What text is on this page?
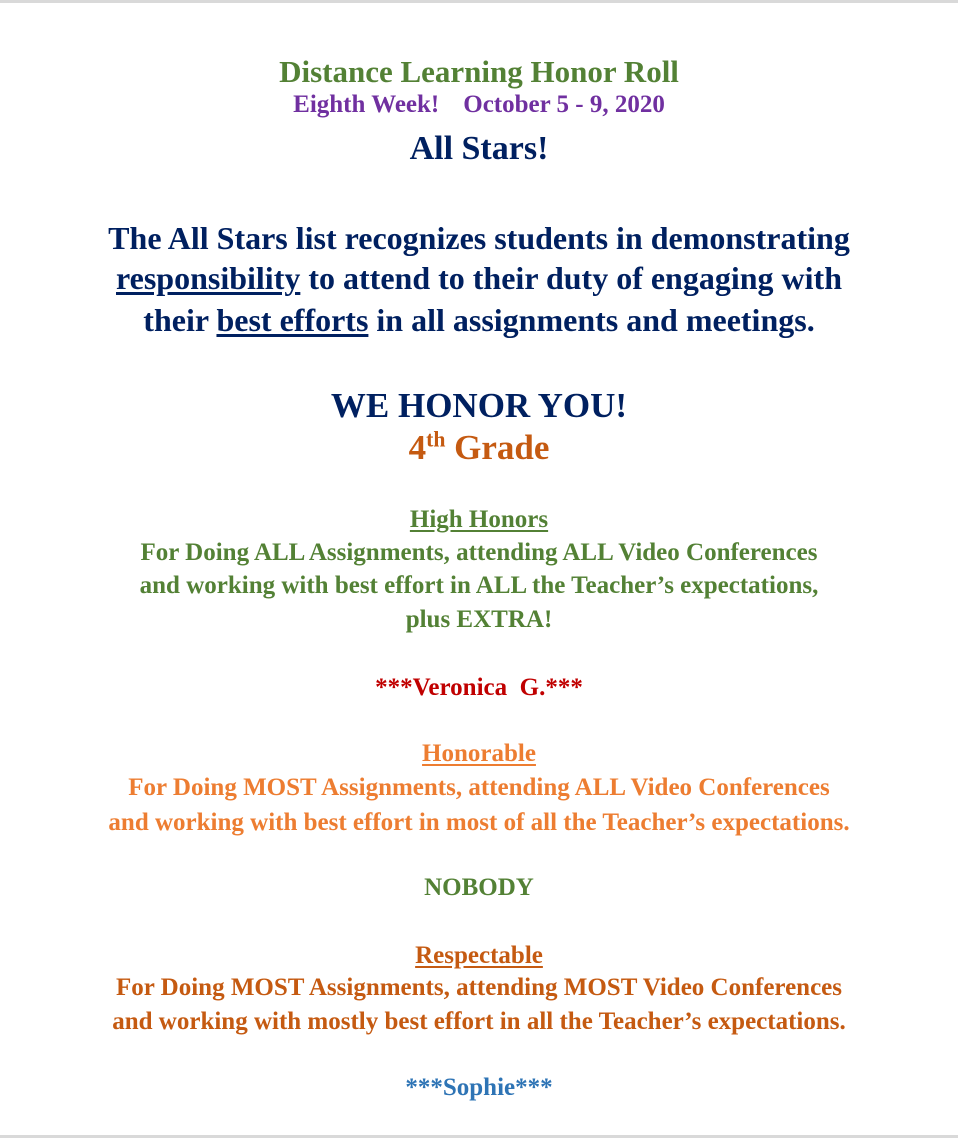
Distance Learning Honor Roll
Eighth Week! October 5 - 9, 2020
All Stars!
The All Stars list recognizes students in demonstrating
responsibility to attend to their duty of engaging with
their best efforts in all assignments and meetings.
WE HONOR YOU!
4th Grade
High Honors
For Doing ALL Assignments, attending ALL Video Conferences
and working with best effort in ALL the Teacher’s expectations,
plus EXTRA!
***Veronica  G.***
Honorable
For Doing MOST Assignments, attending ALL Video Conferences
and working with best effort in most of all the Teacher’s expectations.
NOBODY
Respectable
For Doing MOST Assignments, attending MOST Video Conferences
and working with mostly best effort in all the Teacher’s expectations.
***Sophie***
